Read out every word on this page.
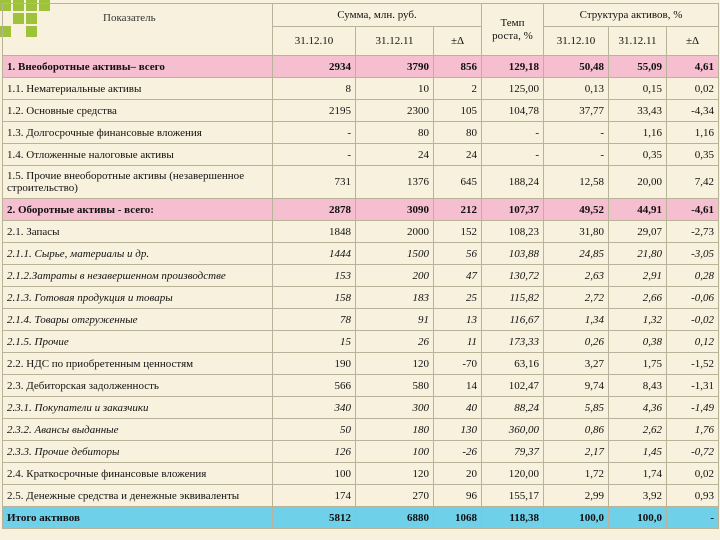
Показатель	Сумма, млн. руб.			Темп роста, %	Структура активов, %		
	31.12.10	31.12.11	±Δ		31.12.10	31.12.11	±Δ
1. Внеоборотные активы– всего	2934	3790	856	129,18	50,48	55,09	4,61
1.1. Нематериальные активы	8	10	2	125,00	0,13	0,15	0,02
1.2. Основные средства	2195	2300	105	104,78	37,77	33,43	-4,34
1.3. Долгосрочные финансовые вложения	-	80	80	-	-	1,16	1,16
1.4. Отложенные налоговые активы	-	24	24	-	-	0,35	0,35
1.5. Прочие внеоборотные активы (незавершенное строительство)	731	1376	645	188,24	12,58	20,00	7,42
2. Оборотные активы - всего:	2878	3090	212	107,37	49,52	44,91	-4,61
2.1. Запасы	1848	2000	152	108,23	31,80	29,07	-2,73
2.1.1. Сырье, материалы и др.	1444	1500	56	103,88	24,85	21,80	-3,05
2.1.2.Затраты в незавершенном производстве	153	200	47	130,72	2,63	2,91	0,28
2.1.3. Готовая продукция и товары	158	183	25	115,82	2,72	2,66	-0,06
2.1.4. Товары отгруженные	78	91	13	116,67	1,34	1,32	-0,02
2.1.5. Прочие	15	26	11	173,33	0,26	0,38	0,12
2.2. НДС по приобретенным ценностям	190	120	-70	63,16	3,27	1,75	-1,52
2.3. Дебиторская задолженность	566	580	14	102,47	9,74	8,43	-1,31
2.3.1. Покупатели и заказчики	340	300	40	88,24	5,85	4,36	-1,49
2.3.2. Авансы выданные	50	180	130	360,00	0,86	2,62	1,76
2.3.3. Прочие дебиторы	126	100	-26	79,37	2,17	1,45	-0,72
2.4. Краткосрочные финансовые вложения	100	120	20	120,00	1,72	1,74	0,02
2.5. Денежные средства и денежные эквиваленты	174	270	96	155,17	2,99	3,92	0,93
Итого активов	5812	6880	1068	118,38	100,0	100,0	-
